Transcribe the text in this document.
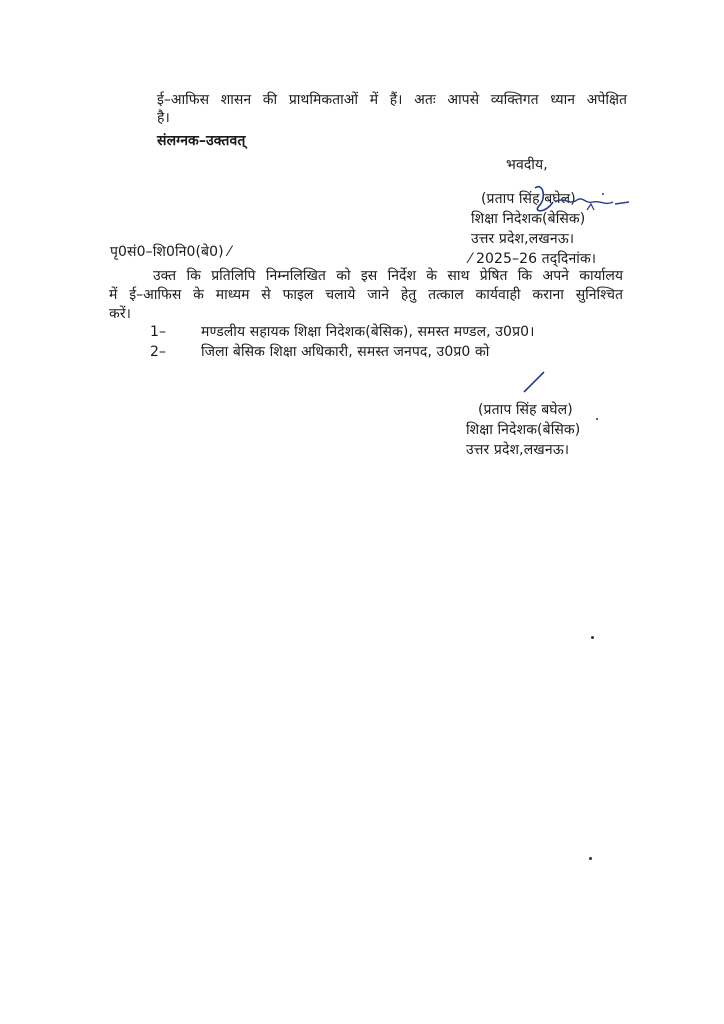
ई–आफिस शासन की प्राथमिकताओं में हैं। अतः आपसे व्यक्तिगत ध्यान अपेक्षित
है।
संलग्नक–उक्तवत्
भवदीय,
(प्रताप सिंह बघेल)
शिक्षा निदेशक(बेसिक)
उत्तर प्रदेश,लखनऊ।
पृ0सं0–शि0नि0(बे0) ⁄	⁄ 2025–26 तद्‌दिनांक।
उक्त कि प्रतिलिपि निम्नलिखित को इस निर्देश के साथ प्रेषित कि अपने कार्यालय
में ई–आफिस के माध्यम से फाइल चलाये जाने हेतु तत्काल कार्यवाही कराना सुनिश्चित
करें।
1– मण्डलीय सहायक शिक्षा निदेशक(बेसिक), समस्त मण्डल, उ0प्र0।
2– जिला बेसिक शिक्षा अधिकारी, समस्त जनपद, उ0प्र0 को
(प्रताप सिंह बघेल)
शिक्षा निदेशक(बेसिक)
उत्तर प्रदेश,लखनऊ।
